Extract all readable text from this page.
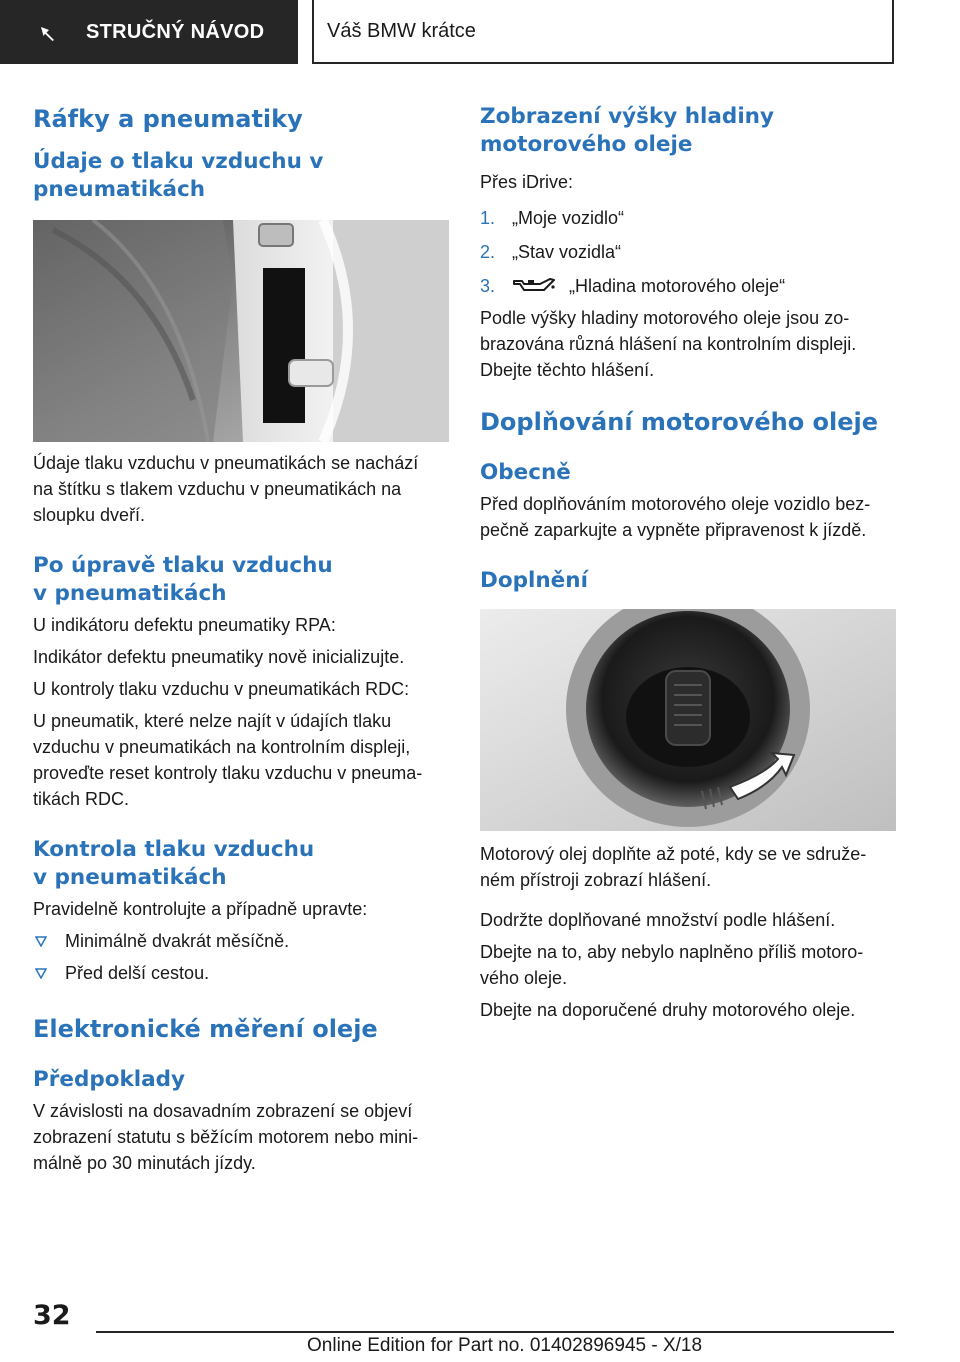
STRUČNÝ NÁVOD	Váš BMW krátce
Ráfky a pneumatiky
Údaje o tlaku vzduchu v pneumatikách

Údaje tlaku vzduchu v pneumatikách se nachází na štítku s tlakem vzduchu v pneumatikách na sloupku dveří.

Po úpravě tlaku vzduchu v pneumatikách

U indikátoru defektu pneumatiky RPA:

Indikátor defektu pneumatiky nově inicializujte.

U kontroly tlaku vzduchu v pneumatikách RDC:

U pneumatik, které nelze najít v údajích tlaku vzduchu v pneumatikách na kontrolním displeji, proveďte reset kontroly tlaku vzduchu v pneuma-tikách RDC.

Kontrola tlaku vzduchu v pneumatikách

Pravidelně kontrolujte a případně upravte:

Minimálně dvakrát měsíčně.
Před delší cestou.
Elektronické měření oleje
Předpoklady

V závislosti na dosavadním zobrazení se objeví zobrazení statutu s běžícím motorem nebo mini-málně po 30 minutách jízdy.

Zobrazení výšky hladiny motorového oleje

Přes iDrive:

1. „Moje vozidlo“
2. „Stav vozidla“
3.	„Hladina motorového oleje“

Podle výšky hladiny motorového oleje jsou zo-brazována různá hlášení na kontrolním displeji. Dbejte těchto hlášení.

Doplňování motorového oleje
Obecně

Před doplňováním motorového oleje vozidlo bez-pečně zaparkujte a vypněte připravenost k jízdě.

Doplnění

Motorový olej doplňte až poté, kdy se ve sdruže-ném přístroji zobrazí hlášení.

Dodržte doplňované množství podle hlášení.

Dbejte na to, aby nebylo naplněno příliš motoro-vého oleje.

Dbejte na doporučené druhy motorového oleje.

32
Online Edition for Part no. 01402896945 - X/18
